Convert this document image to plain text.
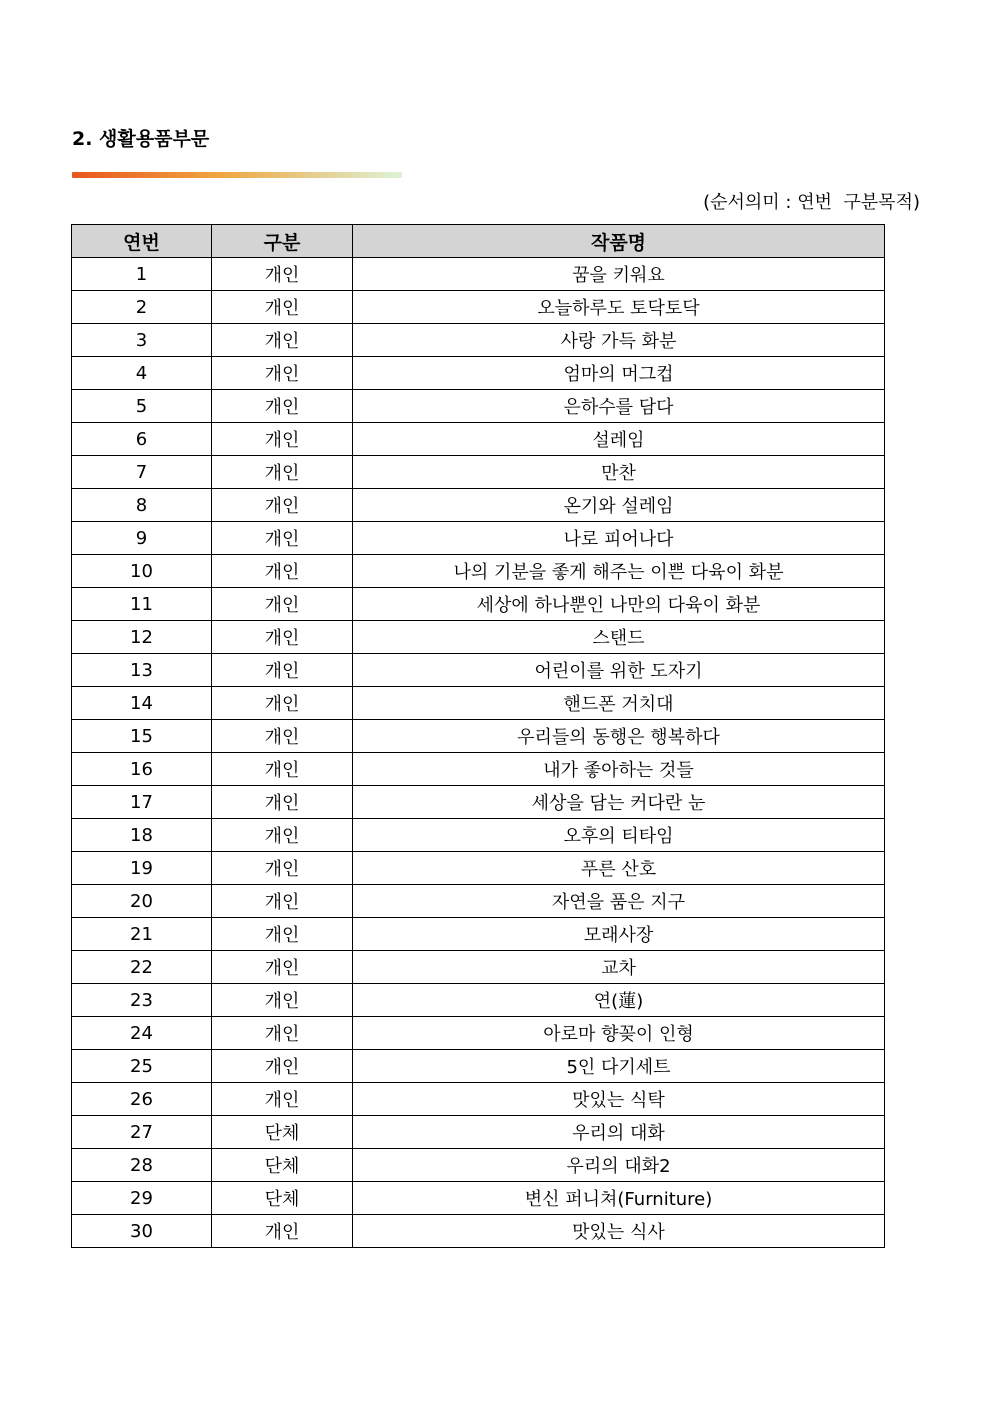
2. 생활용품부문
(순서의미 : 연번  구분목적)
연번	구분	작품명
1	개인	꿈을 키워요
2	개인	오늘하루도 토닥토닥
3	개인	사랑 가득 화분
4	개인	엄마의 머그컵
5	개인	은하수를 담다
6	개인	설레임
7	개인	만찬
8	개인	온기와 설레임
9	개인	나로 피어나다
10	개인	나의 기분을 좋게 해주는 이쁜 다육이 화분
11	개인	세상에 하나뿐인 나만의 다육이 화분
12	개인	스탠드
13	개인	어린이를 위한 도자기
14	개인	핸드폰 거치대
15	개인	우리들의 동행은 행복하다
16	개인	내가 좋아하는 것들
17	개인	세상을 담는 커다란 눈
18	개인	오후의 티타임
19	개인	푸른 산호
20	개인	자연을 품은 지구
21	개인	모래사장
22	개인	교차
23	개인	연(蓮)
24	개인	아로마 향꽂이 인형
25	개인	5인 다기세트
26	개인	맛있는 식탁
27	단체	우리의 대화
28	단체	우리의 대화2
29	단체	변신 퍼니쳐(Furniture)
30	개인	맛있는 식사
